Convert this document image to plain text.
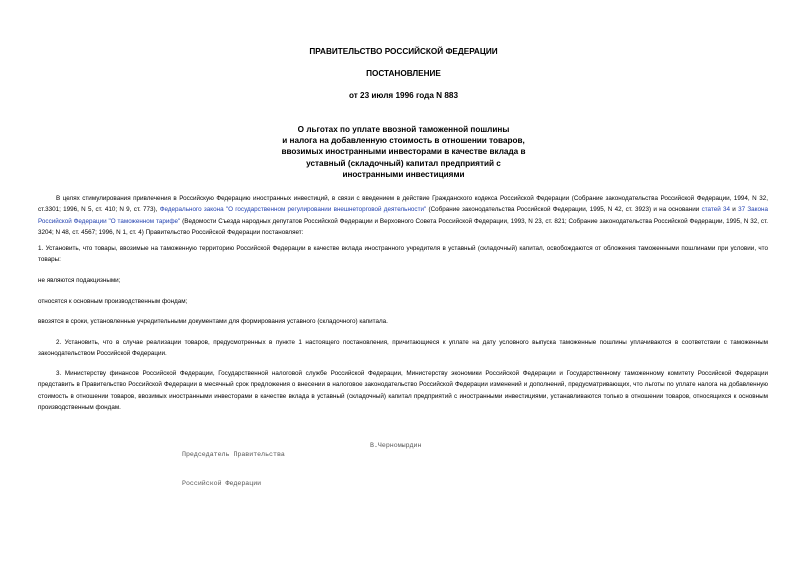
ПРАВИТЕЛЬСТВО РОССИЙСКОЙ ФЕДЕРАЦИИ
ПОСТАНОВЛЕНИЕ
от 23 июля 1996 года N 883
О льготах по уплате ввозной таможенной пошлины
и налога на добавленную стоимость в отношении товаров,
ввозимых иностранными инвесторами в качестве вклада в
уставный (складочный) капитал предприятий с
иностранными инвестициями

В целях стимулирования привлечения в Российскую Федерацию иностранных инвестиций, в связи с введением в действие Гражданского кодекса Российской Федерации (Собрание законодательства Российской Федерации, 1994, N 32, ст.3301; 1996, N 5, ст. 410; N 9, ст. 773), Федерального закона "О государственном регулировании внешнеторговой деятельности" (Собрание законодательства Российской Федерации, 1995, N 42, ст. 3923) и на основании статей 34 и 37 Закона Российской Федерации "О таможенном тарифе" (Ведомости Съезда народных депутатов Российской Федерации и Верховного Совета Российской Федерации, 1993, N 23, ст. 821; Собрание законодательства Российской Федерации, 1995, N 32, ст. 3204; N 48, ст. 4567; 1996, N 1, ст. 4) Правительство Российской Федерации постановляет:

1. Установить, что товары, ввозимые на таможенную территорию Российской Федерации в качестве вклада иностранного учредителя в уставный (складочный) капитал, освобождаются от обложения таможенными пошлинами при условии, что товары:
не являются подакцизными;
относятся к основным производственным фондам;
ввозятся в сроки, установленные учредительными документами для формирования уставного (складочного) капитала.

2. Установить, что в случае реализации товаров, предусмотренных в пункте 1 настоящего постановления, причитающиеся к уплате на дату условного выпуска таможенные пошлины уплачиваются в соответствии с таможенным законодательством Российской Федерации.

3. Министерству финансов Российской Федерации, Государственной налоговой службе Российской Федерации, Министерству экономики Российской Федерации и Государственному таможенному комитету Российской Федерации представить в Правительство Российской Федерации в месячный срок предложения о внесении в налоговое законодательство Российской Федерации изменений и дополнений, предусматривающих, что льготы по уплате налога на добавленную стоимость в отношении товаров, ввозимых иностранными инвесторами в качестве вклада в уставный (складочный) капитал предприятий с иностранными инвестициями, устанавливаются только в отношении товаров, относящихся к основным производственным фондам.

Председатель Правительства

Российской Федерации

В.Черномырдин
